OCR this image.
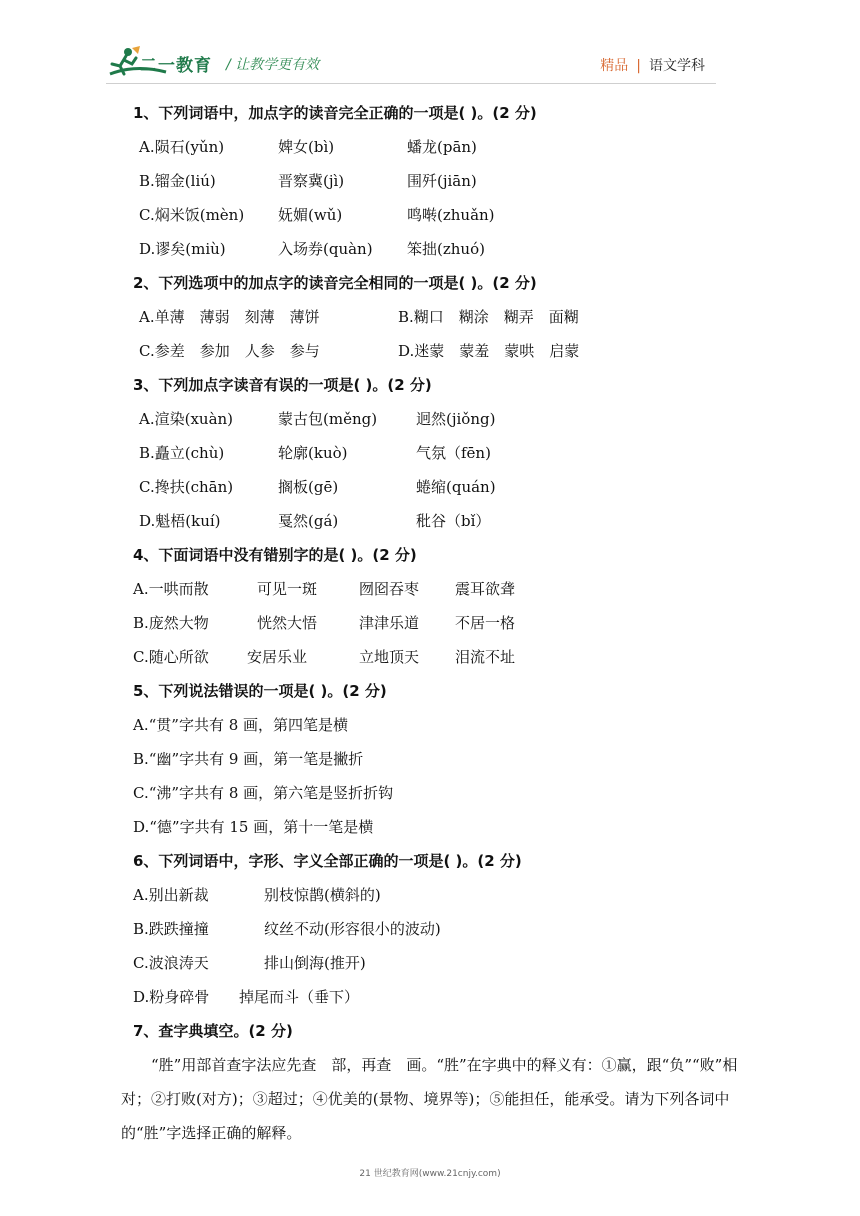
二一教育 / 让教学更有效	精品 | 语文学科
1、下列词语中，加点字的读音完全正确的一项是( )。(2 分)
A.陨石(yǔn)	婢女(bì)	蟠龙(pān)
B.镏金(liú)	晋察冀(jì)	围歼(jiān)
C.焖米饭(mèn) 妩媚(wǔ)	鸣啭(zhuǎn)
D.谬矣(miù)	入场券(quàn) 笨拙(zhuó)
2、下列选项中的加点字的读音完全相同的一项是( )。(2 分)
A.单薄　薄弱　刻薄　薄饼	B.糊口　糊涂　糊弄　面糊
C.参差　参加　人参　参与	D.迷蒙　蒙羞　蒙哄　启蒙
3、下列加点字读音有误的一项是( )。(2 分)
A.渲染(xuàn)	蒙古包(měng)	迥然(jiǒng)
B.矗立(chù)	轮廓(kuò)	气氛（fēn)
C.搀扶(chān)	搁板(gē)	蜷缩(quán)
D.魁梧(kuí)	戛然(gá)	秕谷（bǐ）
4、下面词语中没有错别字的是( )。(2 分)
A.一哄而散	可见一斑	囫囵吞枣 震耳欲聋
B.庞然大物	恍然大悟	津津乐道 不居一格
C.随心所欲	安居乐业	立地顶天 泪流不址
5、下列说法错误的一项是( )。(2 分)
A.“贯”字共有 8 画，第四笔是横
B.“幽”字共有 9 画，第一笔是撇折
C.“沸”字共有 8 画，第六笔是竖折折钩
D.“德”字共有 15 画，第十一笔是横
6、下列词语中，字形、字义全部正确的一项是( )。(2 分)
A.别出新裁	别枝惊鹊(横斜的)
B.跌跌撞撞	纹丝不动(形容很小的波动)
C.波浪涛天	排山倒海(推开)
D.粉身碎骨 掉尾而斗（垂下）
7、查字典填空。(2 分)
“胜”用部首查字法应先查　部，再查　画。“胜”在字典中的释义有：①赢，跟“负”“败”相对；②打败(对方)；③超过；④优美的(景物、境界等)；⑤能担任，能承受。请为下列各词中的“胜”字选择正确的解释。
21 世纪教育网(www.21cnjy.com)
